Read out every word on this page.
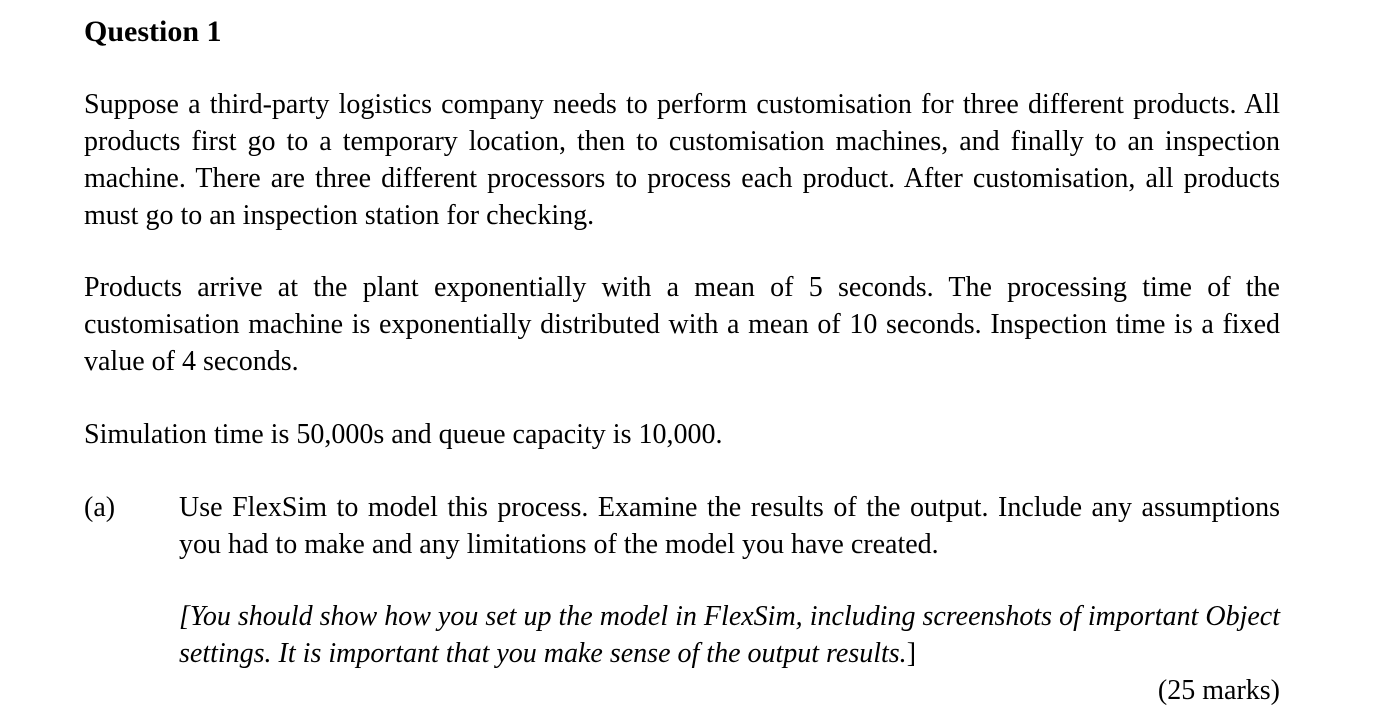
Question 1

Suppose a third-party logistics company needs to perform customisation for three different products. All products first go to a temporary location, then to customisation machines, and finally to an inspection machine. There are three different processors to process each product. After customisation, all products must go to an inspection station for checking.

Products arrive at the plant exponentially with a mean of 5 seconds. The processing time of the customisation machine is exponentially distributed with a mean of 10 seconds. Inspection time is a fixed value of 4 seconds.

Simulation time is 50,000s and queue capacity is 10,000.

(a) Use FlexSim to model this process. Examine the results of the output. Include any assumptions you had to make and any limitations of the model you have created.

[You should show how you set up the model in FlexSim, including screenshots of important Object settings. It is important that you make sense of the output results.]

(25 marks)
